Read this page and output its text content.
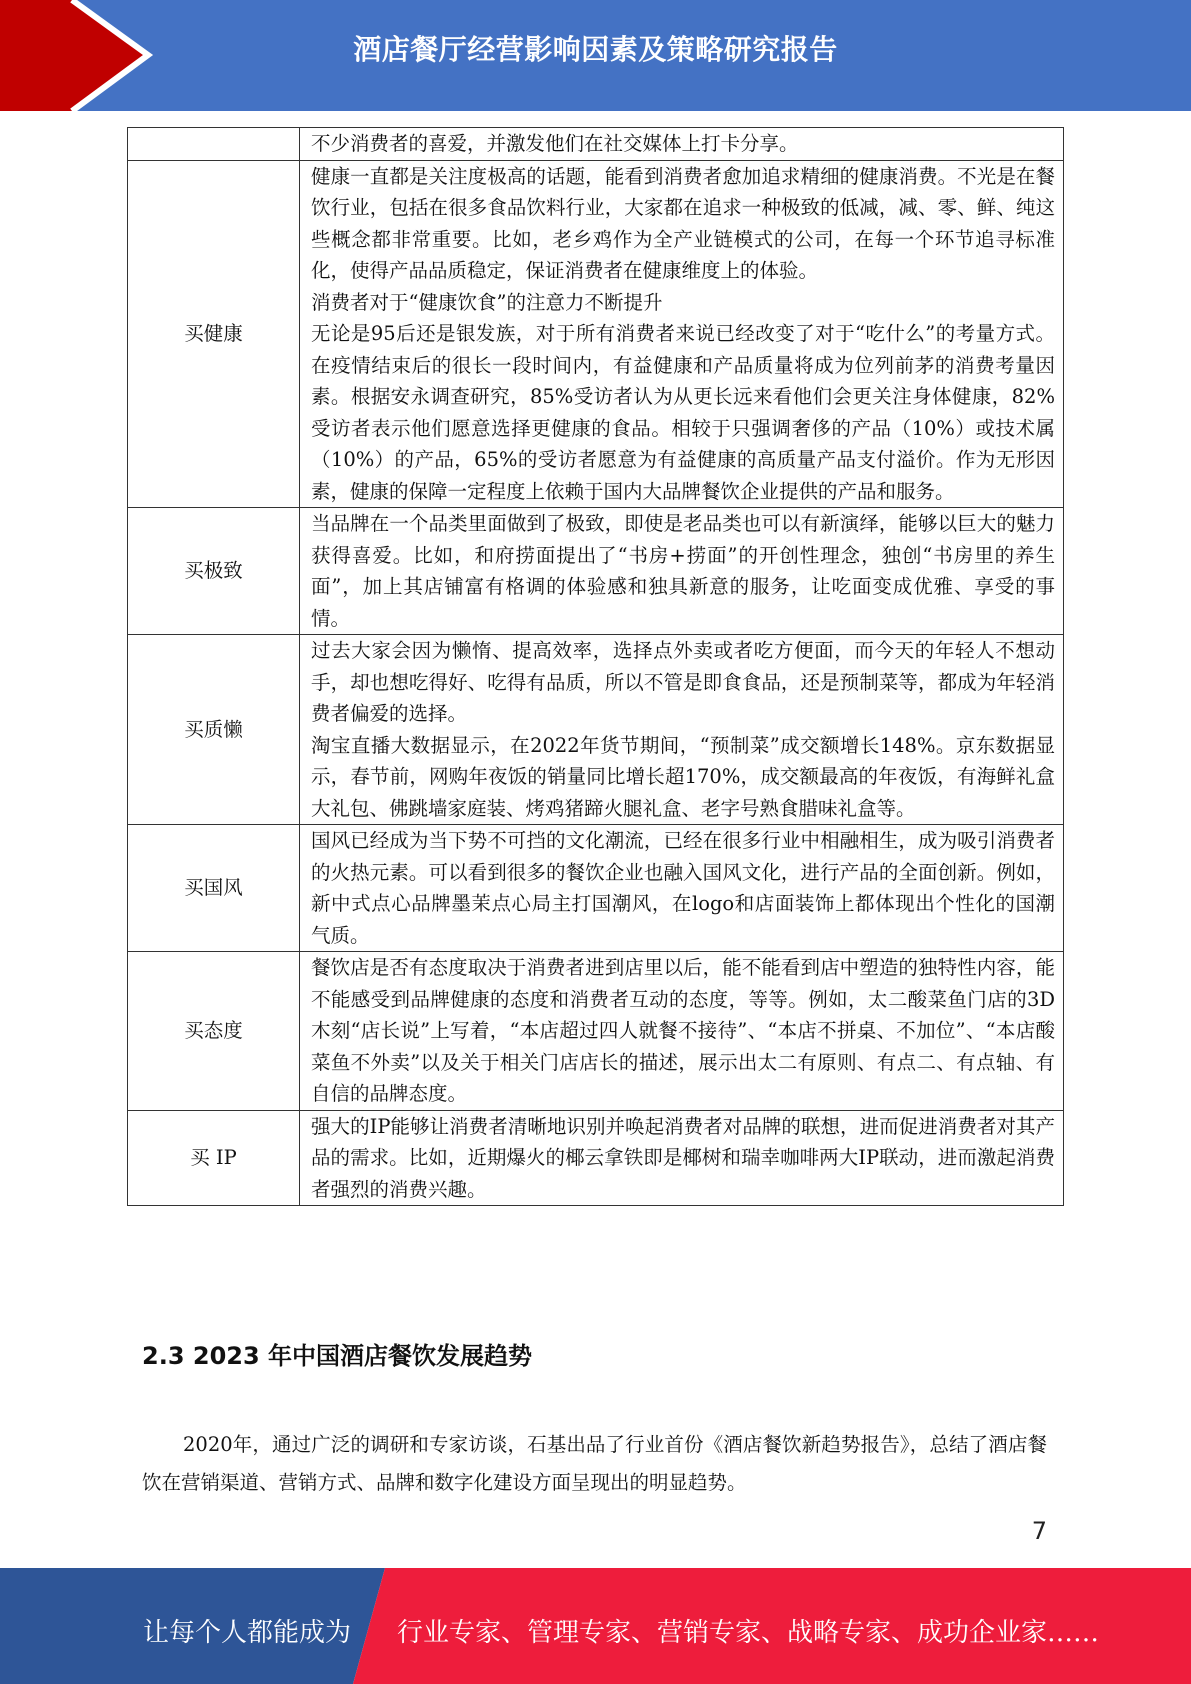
酒店餐厅经营影响因素及策略研究报告

	不少消费者的喜爱，并激发他们在社交媒体上打卡分享。

买健康	健康一直都是关注度极高的话题，能看到消费者愈加追求精细的健康消费。不光是在餐饮行业，包括在很多食品饮料行业，大家都在追求一种极致的低减，减、零、鲜、纯这些概念都非常重要。比如，老乡鸡作为全产业链模式的公司，在每一个环节追寻标准化，使得产品品质稳定，保证消费者在健康维度上的体验。

消费者对于“健康饮食”的注意力不断提升

无论是95后还是银发族，对于所有消费者来说已经改变了对于“吃什么”的考量方式。在疫情结束后的很长一段时间内，有益健康和产品质量将成为位列前茅的消费考量因素。根据安永调查研究，85%受访者认为从更长远来看他们会更关注身体健康，82%受访者表示他们愿意选择更健康的食品。相较于只强调奢侈的产品（10%）或技术属（10%）的产品，65%的受访者愿意为有益健康的高质量产品支付溢价。作为无形因素，健康的保障一定程度上依赖于国内大品牌餐饮企业提供的产品和服务。

买极致	当品牌在一个品类里面做到了极致，即使是老品类也可以有新演绎，能够以巨大的魅力获得喜爱。比如，和府捞面提出了“书房+捞面”的开创性理念，独创“书房里的养生面”，加上其店铺富有格调的体验感和独具新意的服务，让吃面变成优雅、享受的事情。

买质懒	过去大家会因为懒惰、提高效率，选择点外卖或者吃方便面，而今天的年轻人不想动手，却也想吃得好、吃得有品质，所以不管是即食食品，还是预制菜等，都成为年轻消费者偏爱的选择。

淘宝直播大数据显示，在2022年货节期间，“预制菜”成交额增长148%。京东数据显示，春节前，网购年夜饭的销量同比增长超170%，成交额最高的年夜饭，有海鲜礼盒大礼包、佛跳墙家庭装、烤鸡猪蹄火腿礼盒、老字号熟食腊味礼盒等。

买国风	国风已经成为当下势不可挡的文化潮流，已经在很多行业中相融相生，成为吸引消费者的火热元素。可以看到很多的餐饮企业也融入国风文化，进行产品的全面创新。例如，新中式点心品牌墨茉点心局主打国潮风，在logo和店面装饰上都体现出个性化的国潮气质。

买态度	餐饮店是否有态度取决于消费者进到店里以后，能不能看到店中塑造的独特性内容，能不能感受到品牌健康的态度和消费者互动的态度，等等。例如，太二酸菜鱼门店的3D木刻“店长说”上写着，“本店超过四人就餐不接待”、“本店不拼桌、不加位”、“本店酸菜鱼不外卖”以及关于相关门店店长的描述，展示出太二有原则、有点二、有点轴、有自信的品牌态度。

买 IP	强大的IP能够让消费者清晰地识别并唤起消费者对品牌的联想，进而促进消费者对其产品的需求。比如，近期爆火的椰云拿铁即是椰树和瑞幸咖啡两大IP联动，进而激起消费者强烈的消费兴趣。

2.3 2023 年中国酒店餐饮发展趋势

2020年，通过广泛的调研和专家访谈，石基出品了行业首份《酒店餐饮新趋势报告》，总结了酒店餐饮在营销渠道、营销方式、品牌和数字化建设方面呈现出的明显趋势。

7
让每个人都能成为 行业专家、管理专家、营销专家、战略专家、成功企业家……
